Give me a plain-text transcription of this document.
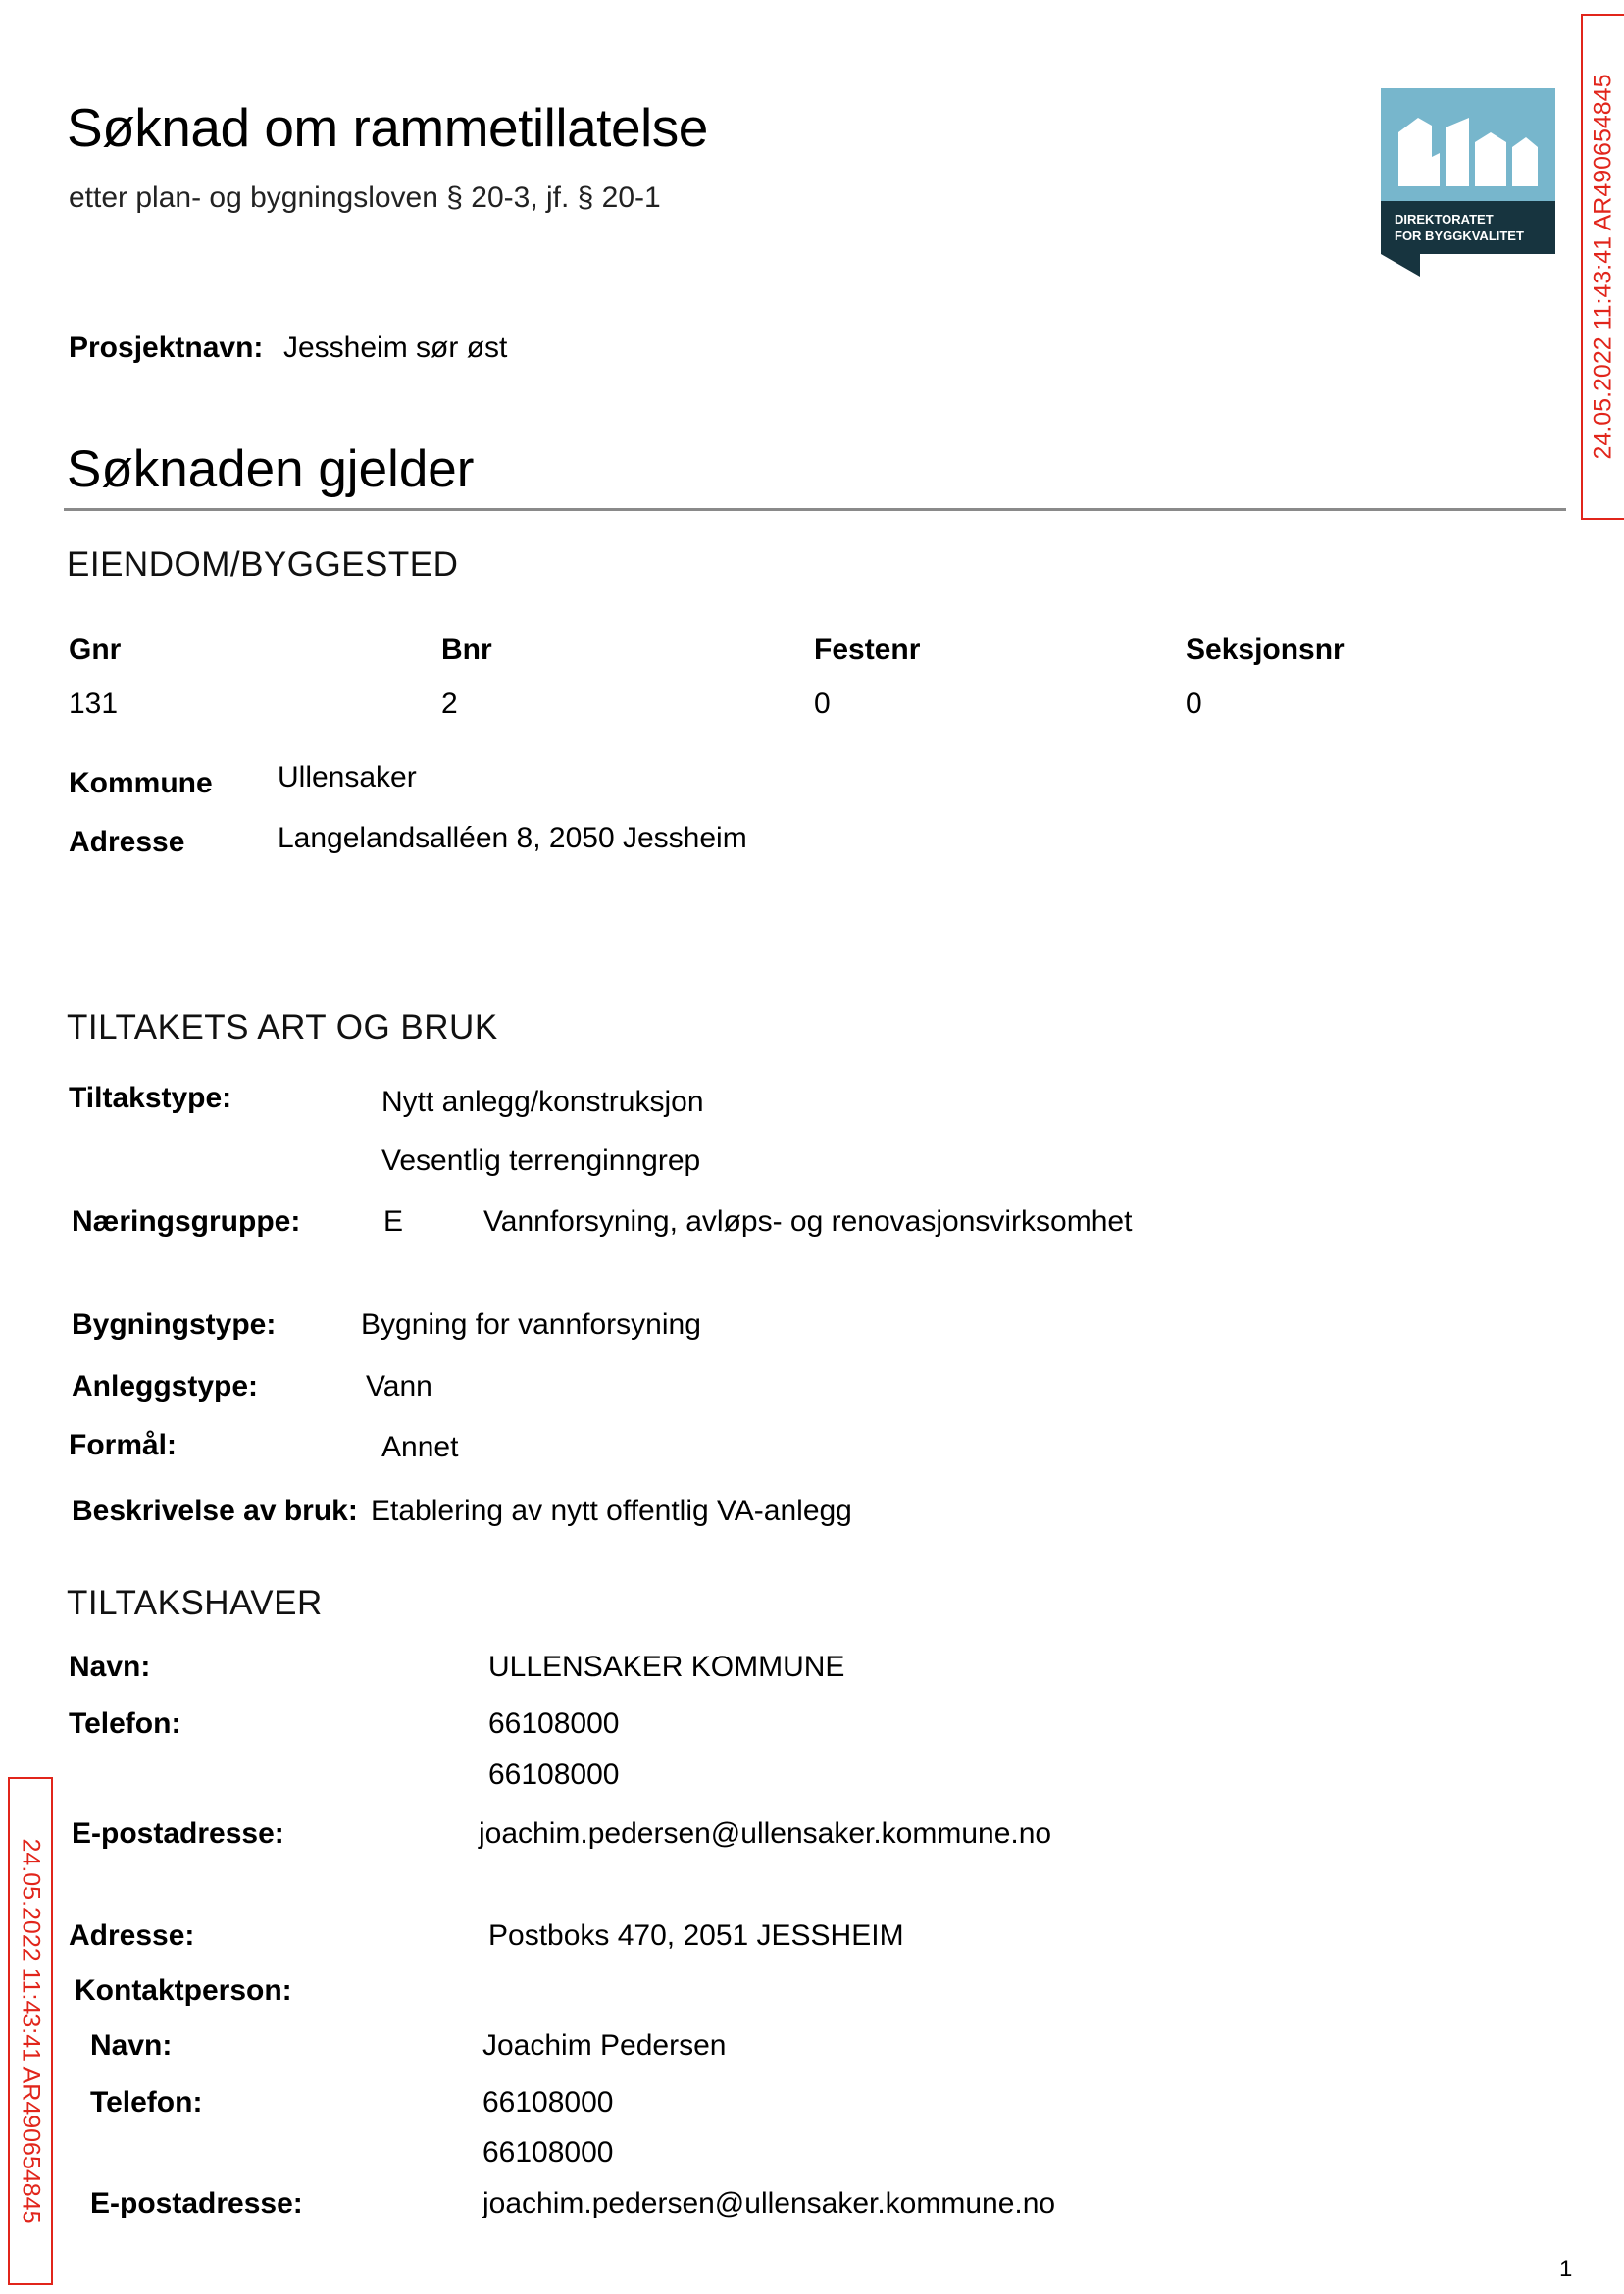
Søknad om rammetillatelse
etter plan- og bygningsloven § 20-3, jf. § 20-1
DIREKTORATET
FOR BYGGKVALITET	24.05.2022 11:43:41 AR490654845
24.05.2022 11:43:41 AR490654845
Prosjektnavn: Jessheim sør øst
Søknaden gjelder
EIENDOM/BYGGESTED
Gnr	Bnr	Festenr	Seksjonsnr
131	2	0	0
Kommune Ullensaker
Adresse	Langelandsalléen 8, 2050 Jessheim
TILTAKETS ART OG BRUK
Tiltakstype:	Nytt anlegg/konstruksjon
Vesentlig terrenginngrep
Næringsgruppe:	E	Vannforsyning, avløps- og renovasjonsvirksomhet
Bygningstype:	Bygning for vannforsyning
Anleggstype:	Vann
Formål:	Annet
Beskrivelse av bruk: Etablering av nytt offentlig VA-anlegg
TILTAKSHAVER
Navn:	ULLENSAKER KOMMUNE
Telefon:	66108000
66108000
E-postadresse:	joachim.pedersen@ullensaker.kommune.no
Adresse:	Postboks 470, 2051 JESSHEIM
Kontaktperson:
Navn:	Joachim Pedersen
Telefon:	66108000
66108000
E-postadresse:	joachim.pedersen@ullensaker.kommune.no
1
